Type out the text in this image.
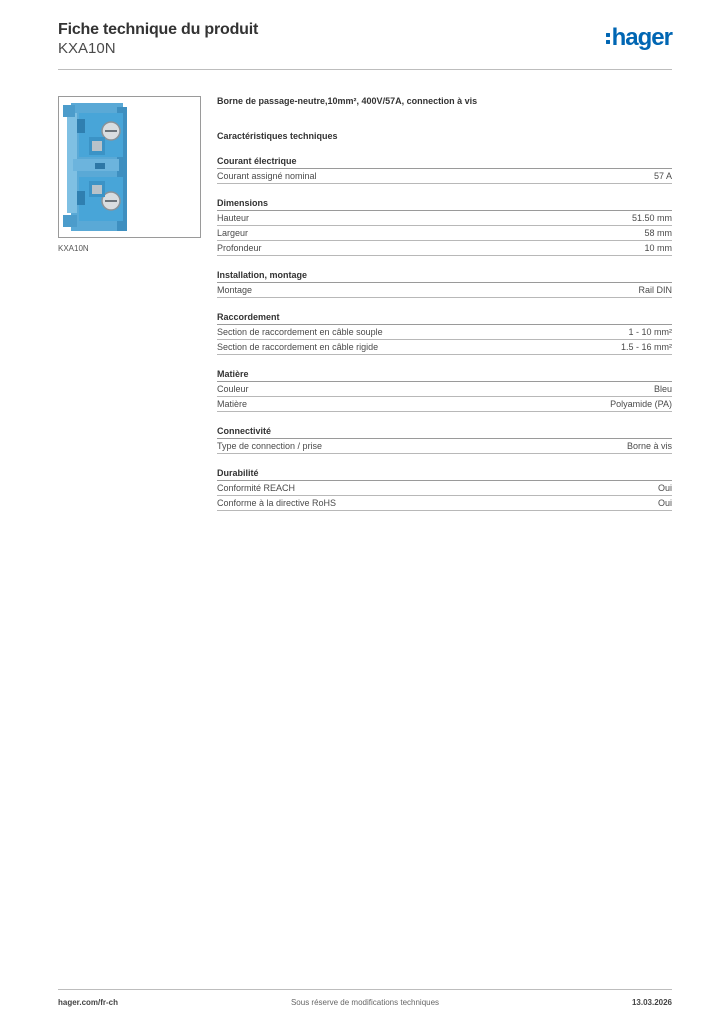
Fiche technique du produit
KXA10N	hager
KXA10N
Borne de passage-neutre,10mm², 400V/57A, connection à vis
Caractéristiques techniques
Courant électrique
Courant assigné nominal	57 A
Dimensions
Hauteur	51.50 mm
Largeur	58 mm
Profondeur	10 mm
Installation, montage
Montage	Rail DIN
Raccordement
Section de raccordement en câble souple	1 - 10 mm²
Section de raccordement en câble rigide	1.5 - 16 mm²
Matière
Couleur	Bleu
Matière	Polyamide (PA)
Connectivité
Type de connection / prise	Borne à vis
Durabilité
Conformité REACH	Oui
Conforme à la directive RoHS	Oui
hager.com/fr-ch	Sous réserve de modifications techniques	13.03.2026
